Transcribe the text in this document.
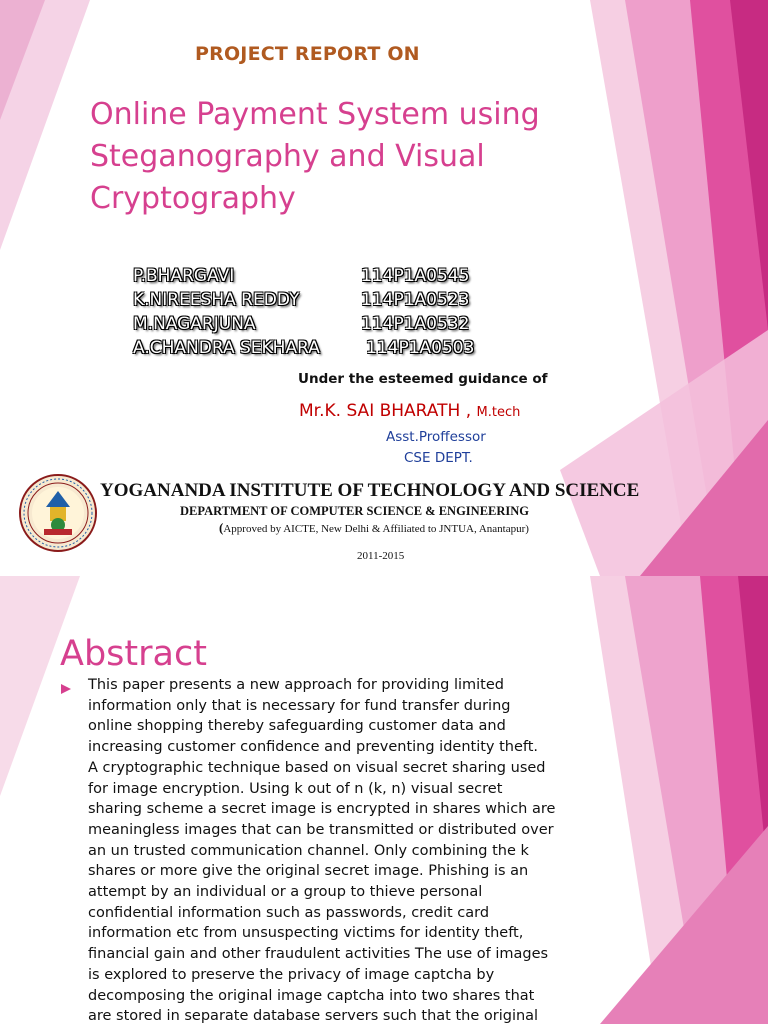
PROJECT REPORT ON

Online Payment System using
Steganography and Visual
Cryptography
P.BHARGAVI	114P1A0545
K.NIREESHA REDDY	114P1A0523
M.NAGARJUNA	114P1A0532
A.CHANDRA SEKHARA	114P1A0503
Under the esteemed guidance of
Mr.K. SAI BHARATH , M.tech
Asst.Proffessor
CSE DEPT.
YOGANANDA INSTITUTE OF TECHNOLOGY AND SCIENCE
DEPARTMENT OF COMPUTER SCIENCE & ENGINEERING
(Approved by AICTE, New Delhi & Affiliated to JNTUA, Anantapur)
2011-2015
Abstract

This paper presents a new approach for providing limited
information only that is necessary for fund transfer during
online shopping thereby safeguarding customer data and
increasing customer confidence and preventing identity theft.
A cryptographic technique based on visual secret sharing used
for image encryption. Using k out of n (k, n) visual secret
sharing scheme a secret image is encrypted in shares which are
meaningless images that can be transmitted or distributed over
an un trusted communication channel. Only combining the k
shares or more give the original secret image. Phishing is an
attempt by an individual or a group to thieve personal
confidential information such as passwords, credit card
information etc from unsuspecting victims for identity theft,
financial gain and other fraudulent activities The use of images
is explored to preserve the privacy of image captcha by
decomposing the original image captcha into two shares that
are stored in separate database servers such that the original
